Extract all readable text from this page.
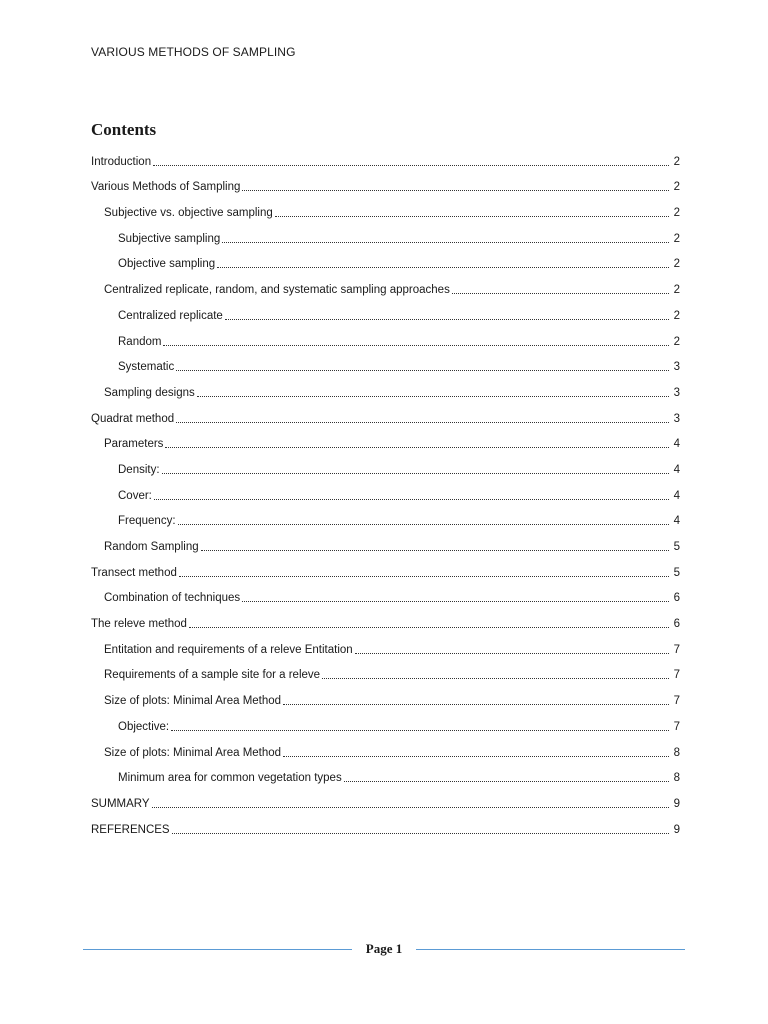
VARIOUS METHODS OF SAMPLING
Contents
Introduction	2
Various Methods of Sampling	2
Subjective vs. objective sampling	2
Subjective sampling	2
Objective sampling	2
Centralized replicate, random, and systematic sampling approaches	2
Centralized replicate	2
Random	2
Systematic	3
Sampling designs	3
Quadrat method	3
Parameters	4
Density:	4
Cover:	4
Frequency:	4
Random Sampling	5
Transect method	5
Combination of techniques	6
The releve method	6
Entitation and requirements of a releve Entitation	7
Requirements of a sample site for a releve	7
Size of plots: Minimal Area Method	7
Objective:	7
Size of plots: Minimal Area Method	8
Minimum area for common vegetation types	8
SUMMARY	9
REFERENCES	9
Page 1
